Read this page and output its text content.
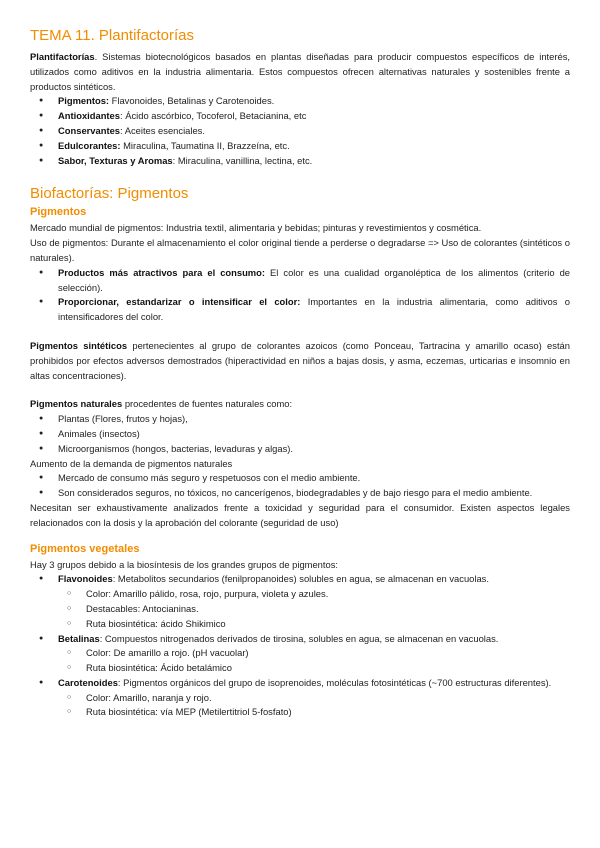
TEMA 11. Plantifactorías

Plantifactorías. Sistemas biotecnológicos basados en plantas diseñadas para producir compuestos específicos de interés, utilizados como aditivos en la industria alimentaria. Estos compuestos ofrecen alternativas naturales y sostenibles frente a productos sintéticos.

● Pigmentos: Flavonoides, Betalinas y Carotenoides.
● Antioxidantes: Ácido ascórbico, Tocoferol, Betacianina, etc
● Conservantes: Aceites esenciales.
● Edulcorantes: Miraculina, Taumatina II, Brazzeína, etc.
● Sabor, Texturas y Aromas: Miraculina, vanillina, lectina, etc.
Biofactorías: Pigmentos
Pigmentos

Mercado mundial de pigmentos: Industria textil, alimentaria y bebidas; pinturas y revestimientos y cosmética.

Uso de pigmentos: Durante el almacenamiento el color original tiende a perderse o degradarse => Uso de colorantes (sintéticos o naturales).

● Productos más atractivos para el consumo: El color es una cualidad organoléptica de los alimentos (criterio de selección).
● Proporcionar, estandarizar o intensificar el color: Importantes en la industria alimentaria, como aditivos o intensificadores del color.

Pigmentos sintéticos pertenecientes al grupo de colorantes azoicos (como Ponceau, Tartracina y amarillo ocaso) están prohibidos por efectos adversos demostrados (hiperactividad en niños a bajas dosis, y asma, eczemas, urticarias e insomnio en altas concentraciones).

Pigmentos naturales procedentes de fuentes naturales como:

● Plantas (Flores, frutos y hojas),
● Animales (insectos)
● Microorganismos (hongos, bacterias, levaduras y algas).

Aumento de la demanda de pigmentos naturales

● Mercado de consumo más seguro y respetuosos con el medio ambiente.
● Son considerados seguros, no tóxicos, no cancerígenos, biodegradables y de bajo riesgo para el medio ambiente.

Necesitan ser exhaustivamente analizados frente a toxicidad y seguridad para el consumidor. Existen aspectos legales relacionados con la dosis y la aprobación del colorante (seguridad de uso)

Pigmentos vegetales

Hay 3 grupos debido a la biosíntesis de los grandes grupos de pigmentos:

● Flavonoides: Metabolitos secundarios (fenilpropanoides) solubles en agua, se almacenan en vacuolas.
○ Color: Amarillo pálido, rosa, rojo, purpura, violeta y azules.
○ Destacables: Antocianinas.
○ Ruta biosintética: ácido Shikimico
● Betalinas: Compuestos nitrogenados derivados de tirosina, solubles en agua, se almacenan en vacuolas.
○ Color: De amarillo a rojo. (pH vacuolar)
○ Ruta biosintética: Ácido betalámico
● Carotenoides: Pigmentos orgánicos del grupo de isoprenoides, moléculas fotosintéticas (~700 estructuras diferentes).
○ Color: Amarillo, naranja y rojo.
○ Ruta biosintética: vía MEP (Metilertitriol 5-fosfato)
